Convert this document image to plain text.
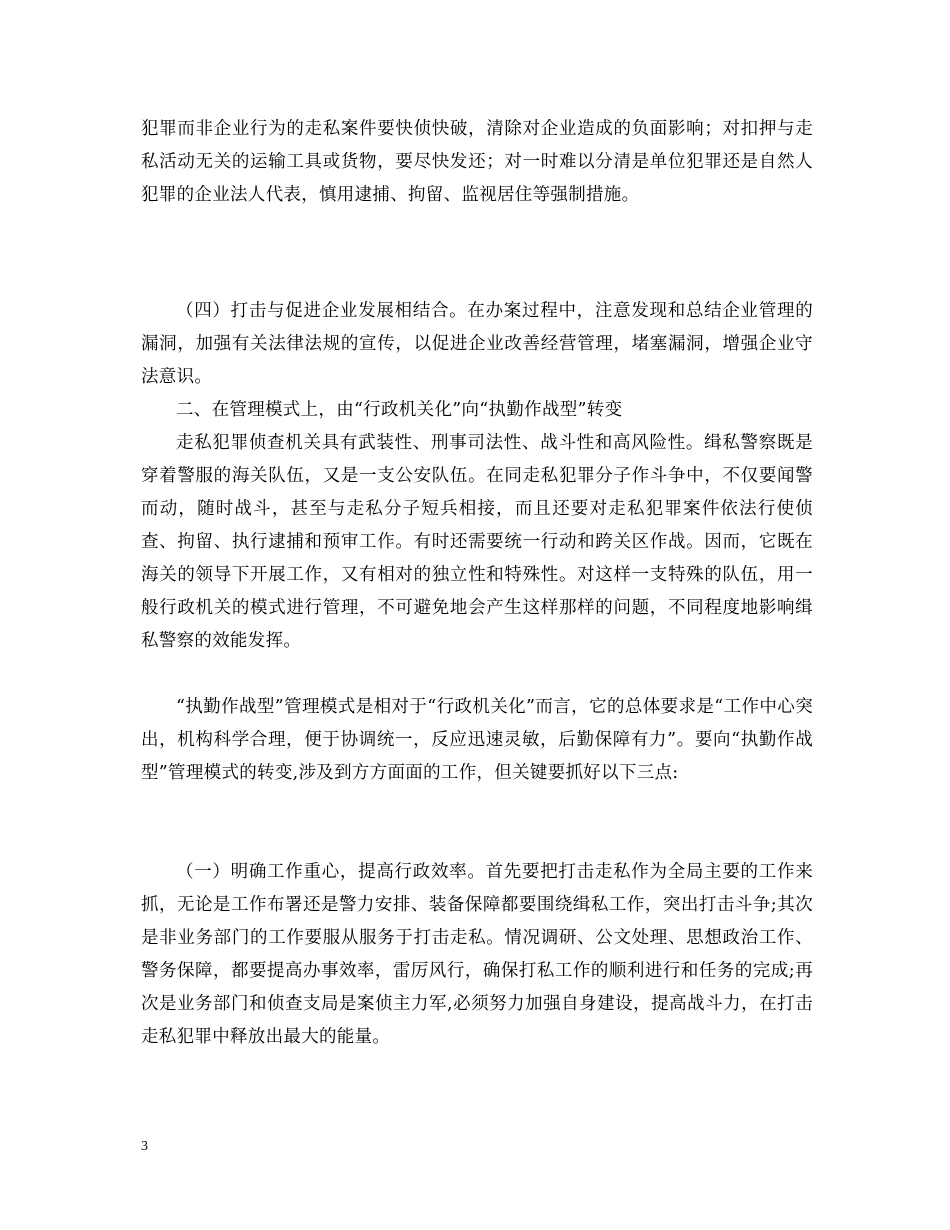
犯罪而非企业行为的走私案件要快侦快破，清除对企业造成的负面影响；对扣押与走私活动无关的运输工具或货物，要尽快发还；对一时难以分清是单位犯罪还是自然人犯罪的企业法人代表，慎用逮捕、拘留、监视居住等强制措施。

（四）打击与促进企业发展相结合。在办案过程中，注意发现和总结企业管理的漏洞，加强有关法律法规的宣传，以促进企业改善经营管理，堵塞漏洞，增强企业守法意识。

二、在管理模式上，由“行政机关化”向“执勤作战型”转变

走私犯罪侦查机关具有武装性、刑事司法性、战斗性和高风险性。缉私警察既是穿着警服的海关队伍，又是一支公安队伍。在同走私犯罪分子作斗争中，不仅要闻警而动，随时战斗，甚至与走私分子短兵相接，而且还要对走私犯罪案件依法行使侦查、拘留、执行逮捕和预审工作。有时还需要统一行动和跨关区作战。因而，它既在海关的领导下开展工作，又有相对的独立性和特殊性。对这样一支特殊的队伍，用一般行政机关的模式进行管理，不可避免地会产生这样那样的问题，不同程度地影响缉私警察的效能发挥。

“执勤作战型”管理模式是相对于“行政机关化”而言，它的总体要求是“工作中心突出，机构科学合理，便于协调统一，反应迅速灵敏，后勤保障有力”。要向“执勤作战型”管理模式的转变,涉及到方方面面的工作，但关键要抓好以下三点:

（一）明确工作重心，提高行政效率。首先要把打击走私作为全局主要的工作来抓，无论是工作布署还是警力安排、装备保障都要围绕缉私工作，突出打击斗争;其次是非业务部门的工作要服从服务于打击走私。情况调研、公文处理、思想政治工作、警务保障，都要提高办事效率，雷厉风行，确保打私工作的顺利进行和任务的完成;再次是业务部门和侦查支局是案侦主力军,必须努力加强自身建设，提高战斗力，在打击走私犯罪中释放出最大的能量。

3
